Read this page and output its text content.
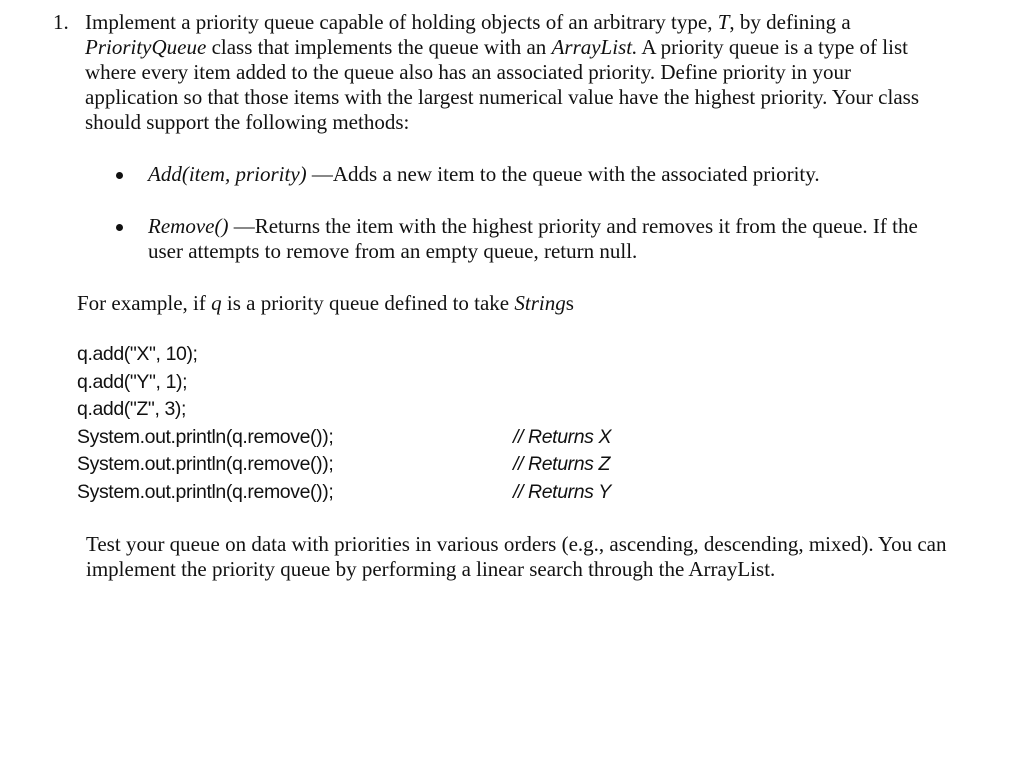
1. Implement a priority queue capable of holding objects of an arbitrary type, T, by defining a PriorityQueue class that implements the queue with an ArrayList. A priority queue is a type of list where every item added to the queue also has an associated priority. Define priority in your application so that those items with the largest numerical value have the highest priority. Your class should support the following methods:
Add(item, priority) —Adds a new item to the queue with the associated priority.
Remove() —Returns the item with the highest priority and removes it from the queue. If the user attempts to remove from an empty queue, return null.
For example, if q is a priority queue defined to take Strings
q.add("X", 10);
q.add("Y", 1);
q.add("Z", 3);
System.out.println(q.remove());	// Returns X
System.out.println(q.remove());	// Returns Z
System.out.println(q.remove());	// Returns Y
Test your queue on data with priorities in various orders (e.g., ascending, descending, mixed). You can implement the priority queue by performing a linear search through the ArrayList.
